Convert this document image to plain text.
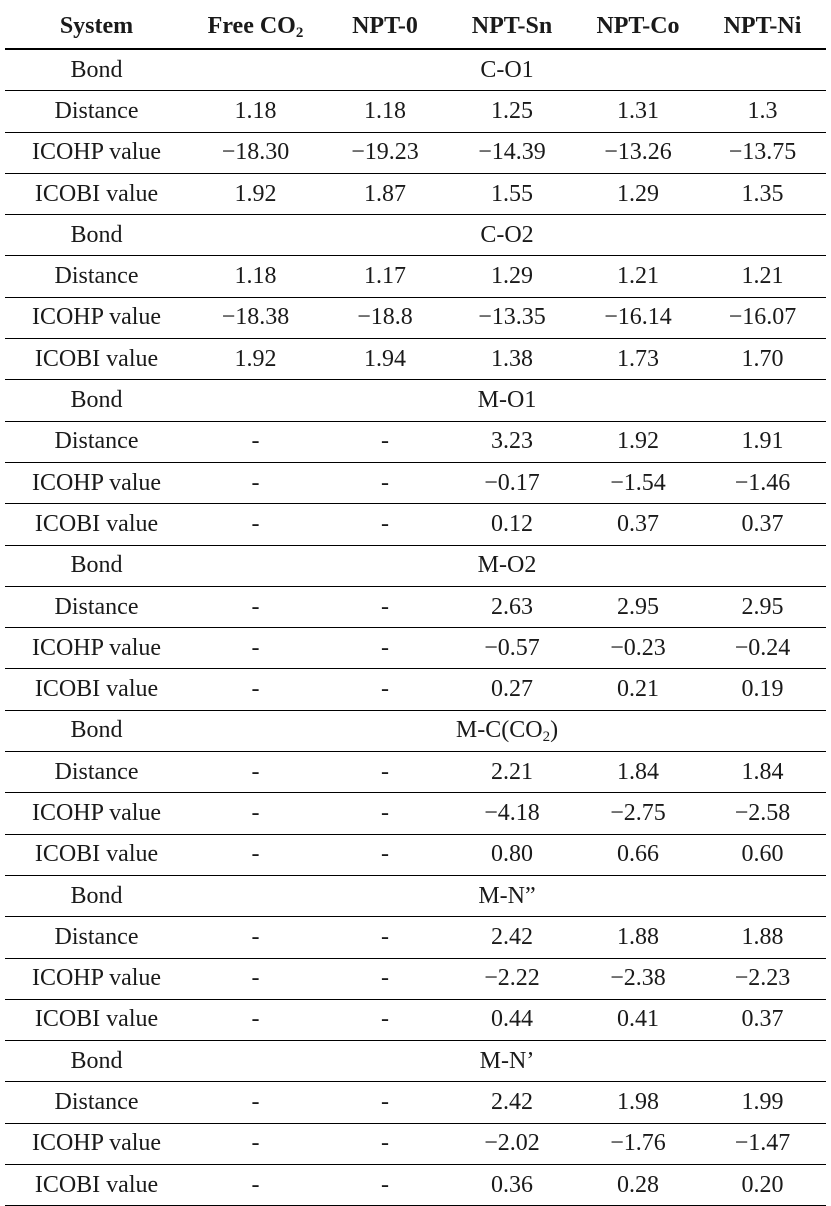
System	Free $CO_2$	NPT-0	NPT-Sn	NPT-Co	NPT-Ni
Bond	C-O1				
Distance	1.18	1.18	1.25	1.31	1.3
ICOHP value	−18.30	−19.23	−14.39	−13.26	−13.75
ICOBI value	1.92	1.87	1.55	1.29	1.35
Bond	C-O2				
Distance	1.18	1.17	1.29	1.21	1.21
ICOHP value	−18.38	−18.8	−13.35	−16.14	−16.07
ICOBI value	1.92	1.94	1.38	1.73	1.70
Bond	M-O1				
Distance	-	-	3.23	1.92	1.91
ICOHP value	-	-	−0.17	−1.54	−1.46
ICOBI value	-	-	0.12	0.37	0.37
Bond	M-O2				
Distance	-	-	2.63	2.95	2.95
ICOHP value	-	-	−0.57	−0.23	−0.24
ICOBI value	-	-	0.27	0.21	0.19
Bond	$M-C(CO_2)$				
Distance	-	-	2.21	1.84	1.84
ICOHP value	-	-	−4.18	−2.75	−2.58
ICOBI value	-	-	0.80	0.66	0.60
Bond	M-N”				
Distance	-	-	2.42	1.88	1.88
ICOHP value	-	-	−2.22	−2.38	−2.23
ICOBI value	-	-	0.44	0.41	0.37
Bond	M-N’				
Distance	-	-	2.42	1.98	1.99
ICOHP value	-	-	−2.02	−1.76	−1.47
ICOBI value	-	-	0.36	0.28	0.20
